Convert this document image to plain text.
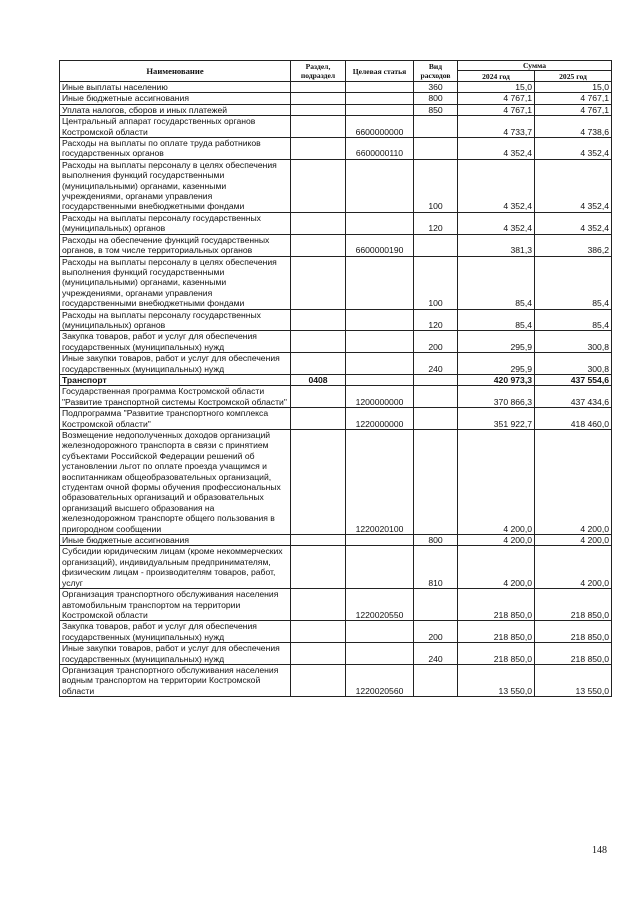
Наименование	Раздел, подраздел	Целевая статья	Вид расходов	Сумма	
				2024 год	2025 год
Иные выплаты населению			360	15,0	15,0
Иные бюджетные ассигнования			800	4 767,1	4 767,1
Уплата налогов, сборов и иных платежей			850	4 767,1	4 767,1
Центральный аппарат государственных органов Костромской области		6600000000		4 733,7	4 738,6
Расходы на выплаты по оплате труда работников государственных органов		6600000110		4 352,4	4 352,4
Расходы на выплаты персоналу в целях обеспечения выполнения функций государственными (муниципальными) органами, казенными учреждениями, органами управления государственными внебюджетными фондами			100	4 352,4	4 352,4
Расходы на выплаты персоналу государственных (муниципальных) органов			120	4 352,4	4 352,4
Расходы на обеспечение функций государственных органов, в том числе территориальных органов		6600000190		381,3	386,2
Расходы на выплаты персоналу в целях обеспечения выполнения функций государственными (муниципальными) органами, казенными учреждениями, органами управления государственными внебюджетными фондами			100	85,4	85,4
Расходы на выплаты персоналу государственных (муниципальных) органов			120	85,4	85,4
Закупка товаров, работ и услуг для обеспечения государственных (муниципальных) нужд			200	295,9	300,8
Иные закупки товаров, работ и услуг для обеспечения государственных (муниципальных) нужд			240	295,9	300,8
Транспорт	0408			420 973,3	437 554,6
Государственная программа Костромской области "Развитие транспортной системы Костромской области"		1200000000		370 866,3	437 434,6
Подпрограмма "Развитие транспортного комплекса Костромской области"		1220000000		351 922,7	418 460,0
Возмещение недополученных доходов организаций железнодорожного транспорта в связи с принятием субъектами Российской Федерации решений об установлении льгот по оплате проезда учащимся и воспитанникам общеобразовательных организаций, студентам очной формы обучения профессиональных образовательных организаций и образовательных организаций высшего образования на железнодорожном транспорте общего пользования в пригородном сообщении		1220020100		4 200,0	4 200,0
Иные бюджетные ассигнования			800	4 200,0	4 200,0
Субсидии юридическим лицам (кроме некоммерческих организаций), индивидуальным предпринимателям, физическим лицам - производителям товаров, работ, услуг			810	4 200,0	4 200,0
Организация транспортного обслуживания населения автомобильным транспортом на территории Костромской области		1220020550		218 850,0	218 850,0
Закупка товаров, работ и услуг для обеспечения государственных (муниципальных) нужд			200	218 850,0	218 850,0
Иные закупки товаров, работ и услуг для обеспечения государственных (муниципальных) нужд			240	218 850,0	218 850,0
Организация транспортного обслуживания населения водным транспортом на территории Костромской области		1220020560		13 550,0	13 550,0
148
